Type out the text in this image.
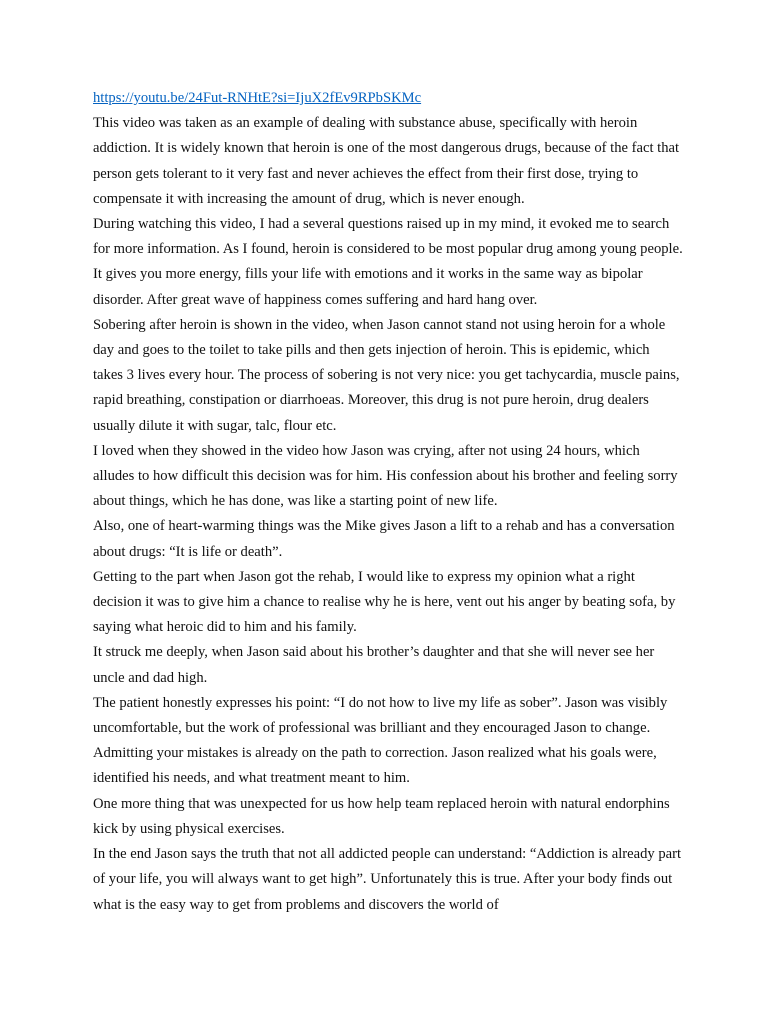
https://youtu.be/24Fut-RNHtE?si=IjuX2fEv9RPbSKMc

This video was taken as an example of dealing with substance abuse, specifically with heroin addiction. It is widely known that heroin is one of the most dangerous drugs, because of the fact that person gets tolerant to it very fast and never achieves the effect from their first dose, trying to compensate it with increasing the amount of drug, which is never enough.

During watching this video, I had a several questions raised up in my mind, it evoked me to search for more information. As I found, heroin is considered to be most popular drug among young people. It gives you more energy, fills your life with emotions and it works in the same way as bipolar disorder. After great wave of happiness comes suffering and hard hang over.

Sobering after heroin is shown in the video, when Jason cannot stand not using heroin for a whole day and goes to the toilet to take pills and then gets injection of heroin. This is epidemic, which takes 3 lives every hour. The process of sobering is not very nice: you get tachycardia, muscle pains, rapid breathing, constipation or diarrhoeas. Moreover, this drug is not pure heroin, drug dealers usually dilute it with sugar, talc, flour etc.

I loved when they showed in the video how Jason was crying, after not using 24 hours, which alludes to how difficult this decision was for him. His confession about his brother and feeling sorry about things, which he has done, was like a starting point of new life.

Also, one of heart-warming things was the Mike gives Jason a lift to a rehab and has a conversation about drugs: “It is life or death”.

Getting to the part when Jason got the rehab, I would like to express my opinion what a right decision it was to give him a chance to realise why he is here, vent out his anger by beating sofa, by saying what heroic did to him and his family.

It struck me deeply, when Jason said about his brother’s daughter and that she will never see her uncle and dad high.

The patient honestly expresses his point: “I do not how to live my life as sober”. Jason was visibly uncomfortable, but the work of professional was brilliant and they encouraged Jason to change. Admitting your mistakes is already on the path to correction. Jason realized what his goals were, identified his needs, and what treatment meant to him.

One more thing that was unexpected for us how help team replaced heroin with natural endorphins kick by using physical exercises.

In the end Jason says the truth that not all addicted people can understand: “Addiction is already part of your life, you will always want to get high”. Unfortunately this is true. After your body finds out what is the easy way to get from problems and discovers the world of
